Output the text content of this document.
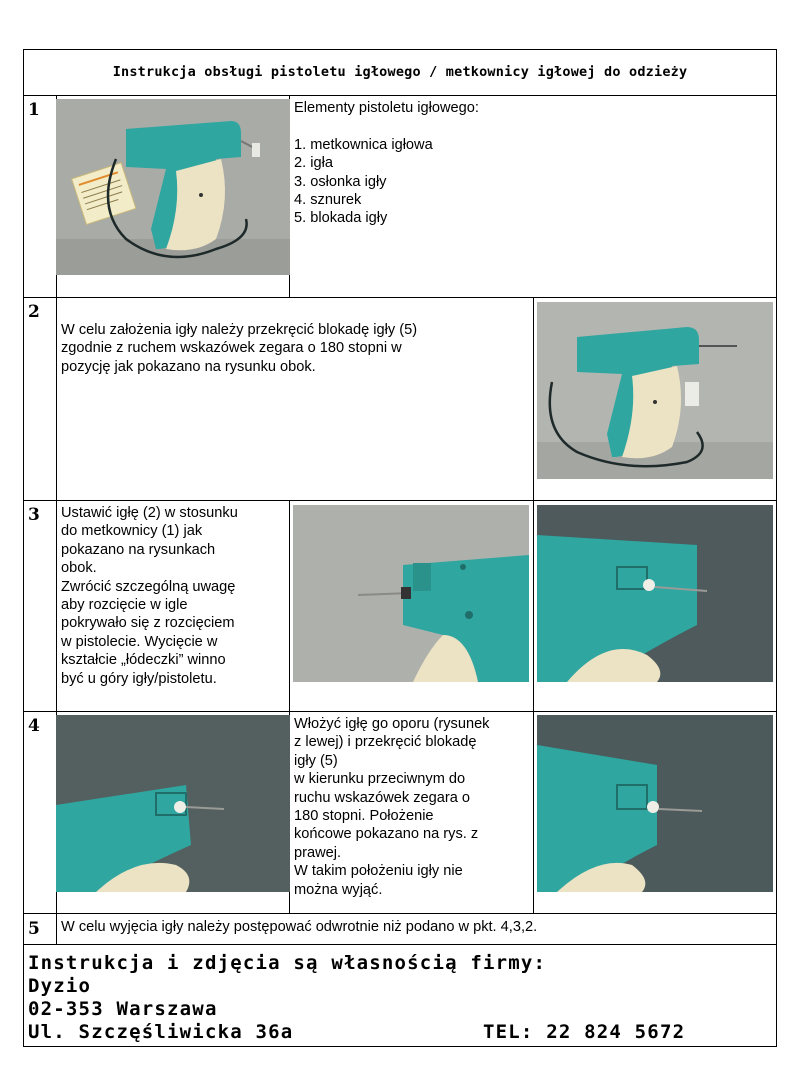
Instrukcja obsługi pistoletu igłowego / metkownicy igłowej do odzieży
1	Elementy pistoletu igłowego:

1. metkownica igłowa
2. igła
3. osłonka igły
4. sznurek
5. blokada igły
2
W celu założenia igły należy przekręcić blokadę igły (5)
zgodnie z ruchem wskazówek zegara o 180 stopni w
pozycję jak pokazano na rysunku obok.
3 Ustawić igłę (2) w stosunku
do metkownicy (1) jak
pokazano na rysunkach
obok.
Zwrócić szczególną uwagę
aby rozcięcie w igle
pokrywało się z rozcięciem
w pistolecie. Wycięcie w
kształcie „łódeczki” winno
być u góry igły/pistoletu.
4	Włożyć igłę go oporu (rysunek
z lewej) i przekręcić blokadę
igły (5)
w kierunku przeciwnym do
ruchu wskazówek zegara o
180 stopni. Położenie
końcowe pokazano na rys. z
prawej.
W takim położeniu igły nie
można wyjąć.
5 W celu wyjęcia igły należy postępować odwrotnie niż podano w pkt. 4,3,2.
Instrukcja i zdjęcia są własnością firmy:
Dyzio
02-353 Warszawa
Ul. Szczęśliwicka 36a	TEL: 22 824 5672
